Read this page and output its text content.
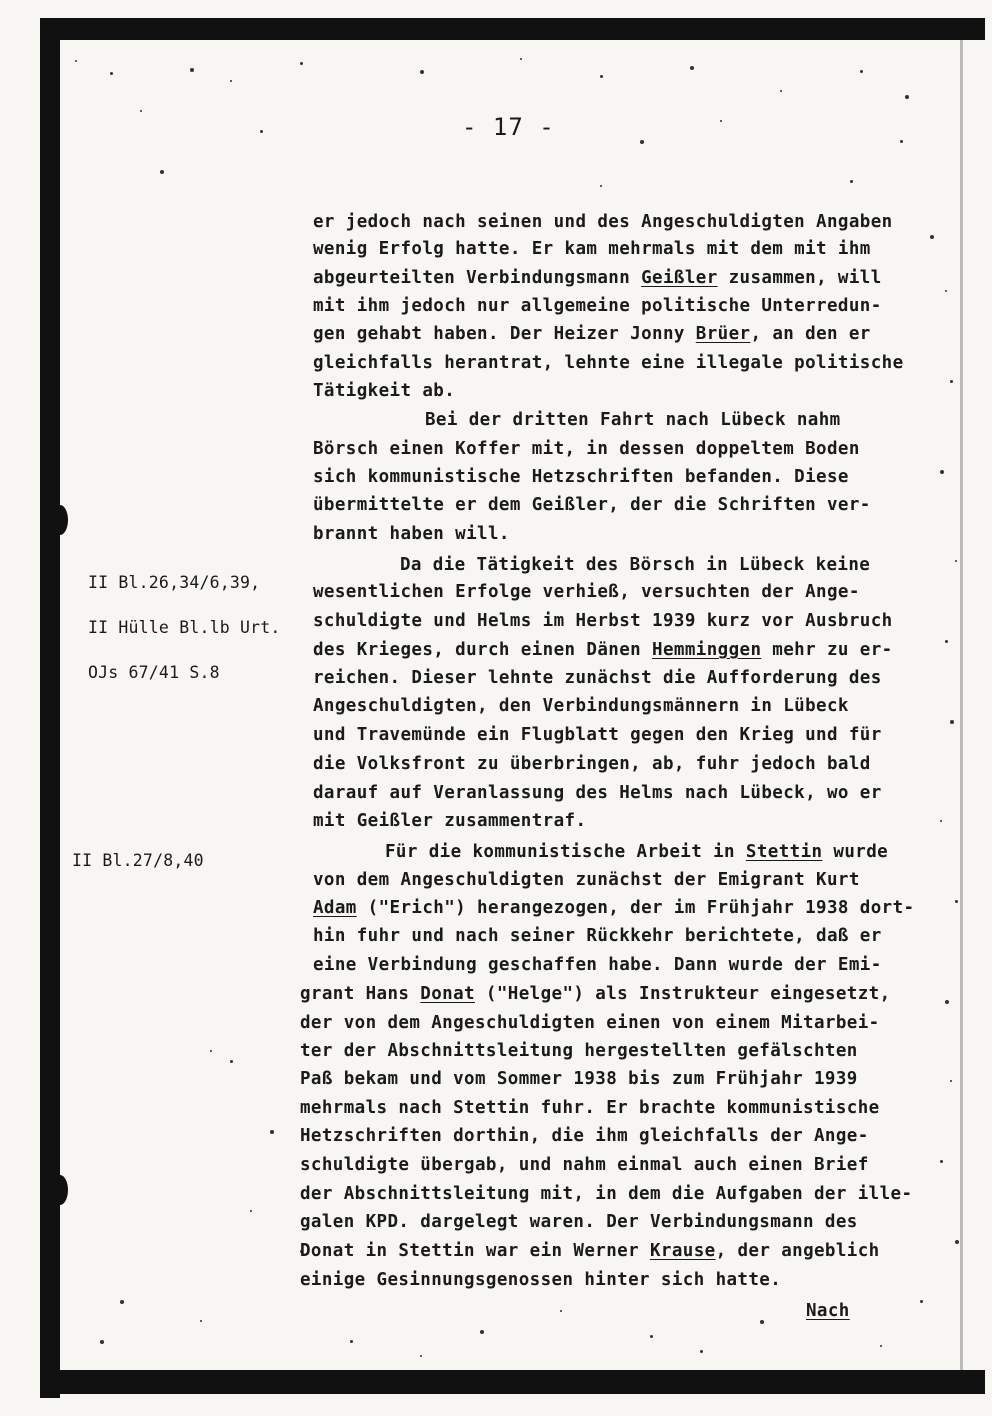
- 17 -

II Bl.26,34/6,39,

II Hülle Bl.lb Urt.

OJs 67/41 S.8

II Bl.27/8,40

er jedoch nach seinen und des Angeschuldigten Angaben
wenig Erfolg hatte. Er kam mehrmals mit dem mit ihm
abgeurteilten Verbindungsmann Geißler zusammen, will
mit ihm jedoch nur allgemeine politische Unterredun-
gen gehabt haben. Der Heizer Jonny Brüer, an den er
gleichfalls herantrat, lehnte eine illegale politische
Tätigkeit ab.
Bei der dritten Fahrt nach Lübeck nahm
Börsch einen Koffer mit, in dessen doppeltem Boden
sich kommunistische Hetzschriften befanden. Diese
übermittelte er dem Geißler, der die Schriften ver-
brannt haben will.
Da die Tätigkeit des Börsch in Lübeck keine
wesentlichen Erfolge verhieß, versuchten der Ange-
schuldigte und Helms im Herbst 1939 kurz vor Ausbruch
des Krieges, durch einen Dänen Hemminggen mehr zu er-
reichen. Dieser lehnte zunächst die Aufforderung des
Angeschuldigten, den Verbindungsmännern in Lübeck
und Travemünde ein Flugblatt gegen den Krieg und für
die Volksfront zu überbringen, ab, fuhr jedoch bald
darauf auf Veranlassung des Helms nach Lübeck, wo er
mit Geißler zusammentraf.
Für die kommunistische Arbeit in Stettin wurde
von dem Angeschuldigten zunächst der Emigrant Kurt
Adam ("Erich") herangezogen, der im Frühjahr 1938 dort-
hin fuhr und nach seiner Rückkehr berichtete, daß er
eine Verbindung geschaffen habe. Dann wurde der Emi-
grant Hans Donat ("Helge") als Instrukteur eingesetzt,
der von dem Angeschuldigten einen von einem Mitarbei-
ter der Abschnittsleitung hergestellten gefälschten
Paß bekam und vom Sommer 1938 bis zum Frühjahr 1939
mehrmals nach Stettin fuhr. Er brachte kommunistische
Hetzschriften dorthin, die ihm gleichfalls der Ange-
schuldigte übergab, und nahm einmal auch einen Brief
der Abschnittsleitung mit, in dem die Aufgaben der ille-
galen KPD. dargelegt waren. Der Verbindungsmann des
Donat in Stettin war ein Werner Krause, der angeblich
einige Gesinnungsgenossen hinter sich hatte.
Nach
